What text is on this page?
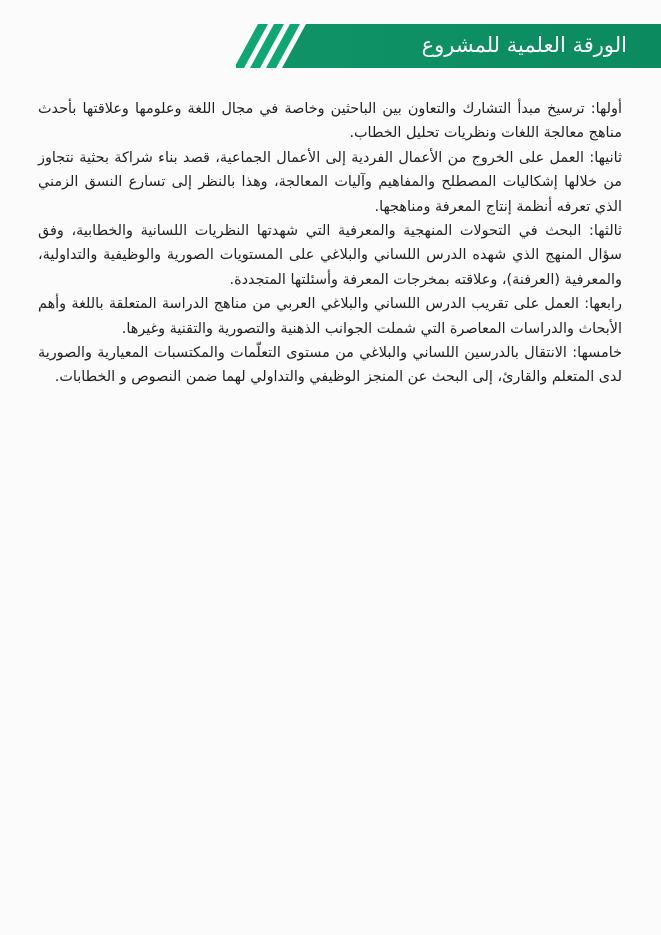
الورقة العلمية للمشروع

أولها: ترسيخ مبدأ التشارك والتعاون بين الباحثين وخاصة في مجال اللغة وعلومها وعلاقتها بأحدث مناهج معالجة اللغات ونظريات تحليل الخطاب.

ثانيها: العمل على الخروج من الأعمال الفردية إلى الأعمال الجماعية، قصد بناء شراكة بحثية نتجاوز من خلالها إشكاليات المصطلح والمفاهيم وآليات المعالجة، وهذا بالنظر إلى تسارع النسق الزمني الذي تعرفه أنظمة إنتاج المعرفة ومناهجها.

ثالثها: البحث في التحولات المنهجية والمعرفية التي شهدتها النظريات اللسانية والخطابية، وفق سؤال المنهج الذي شهده الدرس اللساني والبلاغي على المستويات الصورية والوظيفية والتداولية، والمعرفية (العرفنة)، وعلاقته بمخرجات المعرفة وأسئلتها المتجددة.

رابعها: العمل على تقريب الدرس اللساني والبلاغي العربي من مناهج الدراسة المتعلقة باللغة وأهم الأبحاث والدراسات المعاصرة التي شملت الجوانب الذهنية والتصورية والتقنية وغيرها.

خامسها: الانتقال بالدرسين اللساني والبلاغي من مستوى التعلّمات والمكتسبات المعيارية والصورية لدى المتعلم والقارئ، إلى البحث عن المنجز الوظيفي والتداولي لهما ضمن النصوص و الخطابات.
